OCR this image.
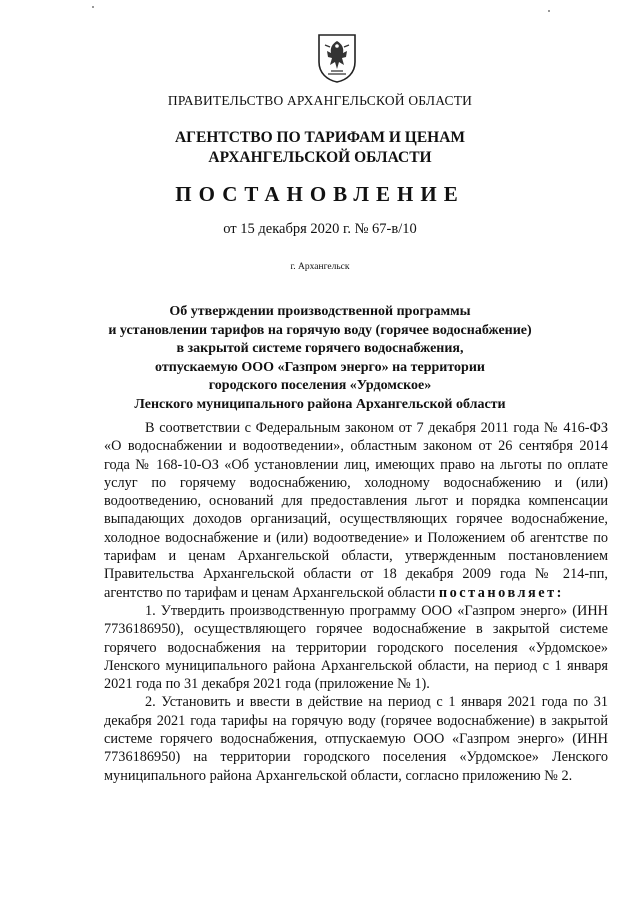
ПРАВИТЕЛЬСТВО АРХАНГЕЛЬСКОЙ ОБЛАСТИ
АГЕНТСТВО ПО ТАРИФАМ И ЦЕНАМ
АРХАНГЕЛЬСКОЙ ОБЛАСТИ
ПОСТАНОВЛЕНИЕ
от 15 декабря 2020 г. № 67-в/10
г. Архангельск
Об утверждении производственной программы
и установлении тарифов на горячую воду (горячее водоснабжение)
в закрытой системе горячего водоснабжения,
отпускаемую ООО «Газпром энерго» на территории
городского поселения «Урдомское»
Ленского муниципального района Архангельской области

В соответствии с Федеральным законом от 7 декабря 2011 года № 416-ФЗ «О водоснабжении и водоотведении», областным законом от 26 сентября 2014 года № 168-10-ОЗ «Об установлении лиц, имеющих право на льготы по оплате услуг по горячему водоснабжению, холодному водоснабжению и (или) водоотведению, оснований для предоставления льгот и порядка компенсации выпадающих доходов организаций, осуществляющих горячее водоснабжение, холодное водоснабжение и (или) водоотведение» и Положением об агентстве по тарифам и ценам Архангельской области, утвержденным постановлением Правительства Архангельской области от 18 декабря 2009 года № 214-пп, агентство по тарифам и ценам Архангельской области постановляет:

1. Утвердить производственную программу ООО «Газпром энерго» (ИНН 7736186950), осуществляющего горячее водоснабжение в закрытой системе горячего водоснабжения на территории городского поселения «Урдомское» Ленского муниципального района Архангельской области, на период с 1 января 2021 года по 31 декабря 2021 года (приложение № 1).

2. Установить и ввести в действие на период с 1 января 2021 года по 31 декабря 2021 года тарифы на горячую воду (горячее водоснабжение) в закрытой системе горячего водоснабжения, отпускаемую ООО «Газпром энерго» (ИНН 7736186950) на территории городского поселения «Урдомское» Ленского муниципального района Архангельской области, согласно приложению № 2.
